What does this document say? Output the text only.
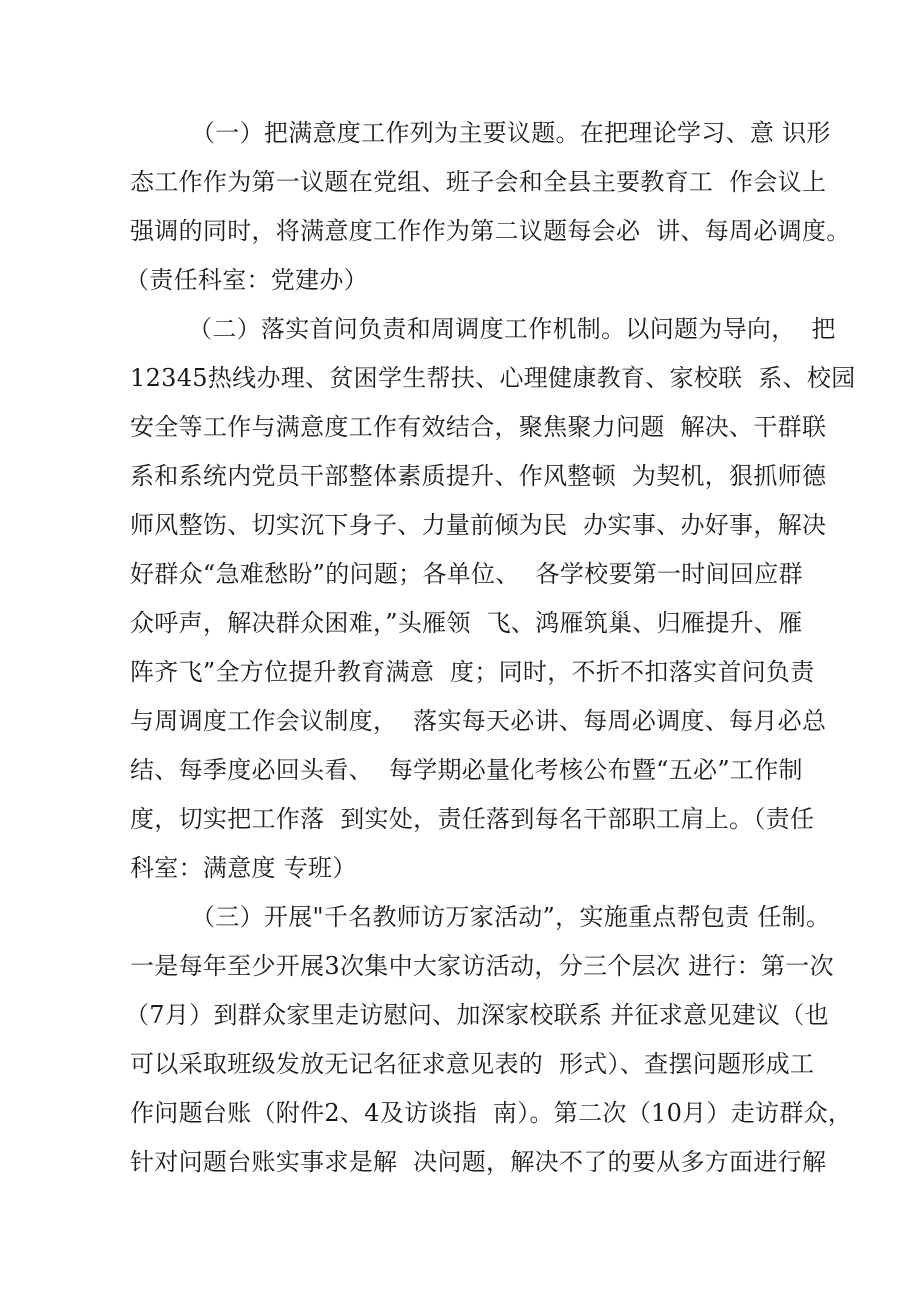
（一）把满意度工作列为主要议题。在把理论学习、意 识形
态工作作为第一议题在党组、班子会和全县主要教育工  作会议上
强调的同时，将满意度工作作为第二议题每会必  讲、每周必调度。
（责任科室：党建办）
（二）落实首问负责和周调度工作机制。以问题为导向，  把
12345热线办理、贫困学生帮扶、心理健康教育、家校联  系、校园
安全等工作与满意度工作有效结合，聚焦聚力问题  解决、干群联
系和系统内党员干部整体素质提升、作风整顿  为契机，狠抓师德
师风整饬、切实沉下身子、力量前倾为民  办实事、办好事，解决
好群众“急难愁盼”的问题；各单位、  各学校要第一时间回应群
众呼声，解决群众困难，”头雁领  飞、鸿雁筑巢、归雁提升、雁
阵齐飞”全方位提升教育满意  度；同时，不折不扣落实首问负责
与周调度工作会议制度，  落实每天必讲、每周必调度、每月必总
结、每季度必回头看、  每学期必量化考核公布暨“五必”工作制
度，切实把工作落  到实处，责任落到每名干部职工肩上。（责任
科室：满意度 专班）
（三）开展"千名教师访万家活动”，实施重点帮包责 任制。
一是每年至少开展3次集中大家访活动，分三个层次 进行：第一次
（7月）到群众家里走访慰问、加深家校联系 并征求意见建议（也
可以采取班级发放无记名征求意见表的  形式）、查摆问题形成工
作问题台账（附件2、4及访谈指  南）。第二次（10月）走访群众，
针对问题台账实事求是解  决问题，解决不了的要从多方面进行解
